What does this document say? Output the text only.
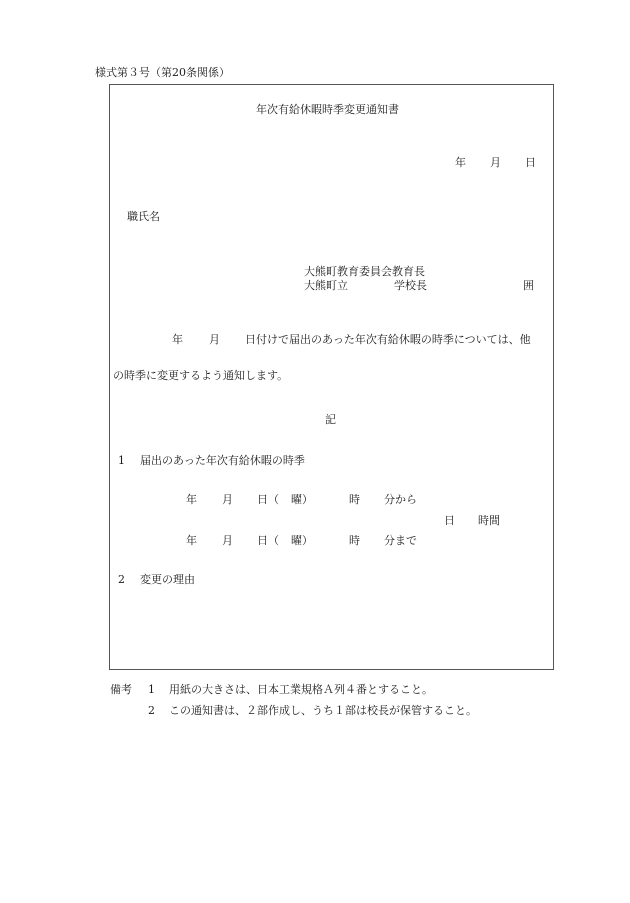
様式第３号（第20条関係）
年次有給休暇時季変更通知書
年 月 日
職氏名
大熊町教育委員会教育長
大熊町立	学校長	囲
年 月 日付けで届出のあった年次有給休暇の時季については、他
の時季に変更するよう通知します。
記
1 届出のあった年次有給休暇の時季
年 月 日（ 曜）	時 分から
日 時間
年 月 日（ 曜）	時 分まで
2 変更の理由
備考 1 用紙の大きさは、日本工業規格Ａ列４番とすること。
2 この通知書は、２部作成し、うち１部は校長が保管すること。
